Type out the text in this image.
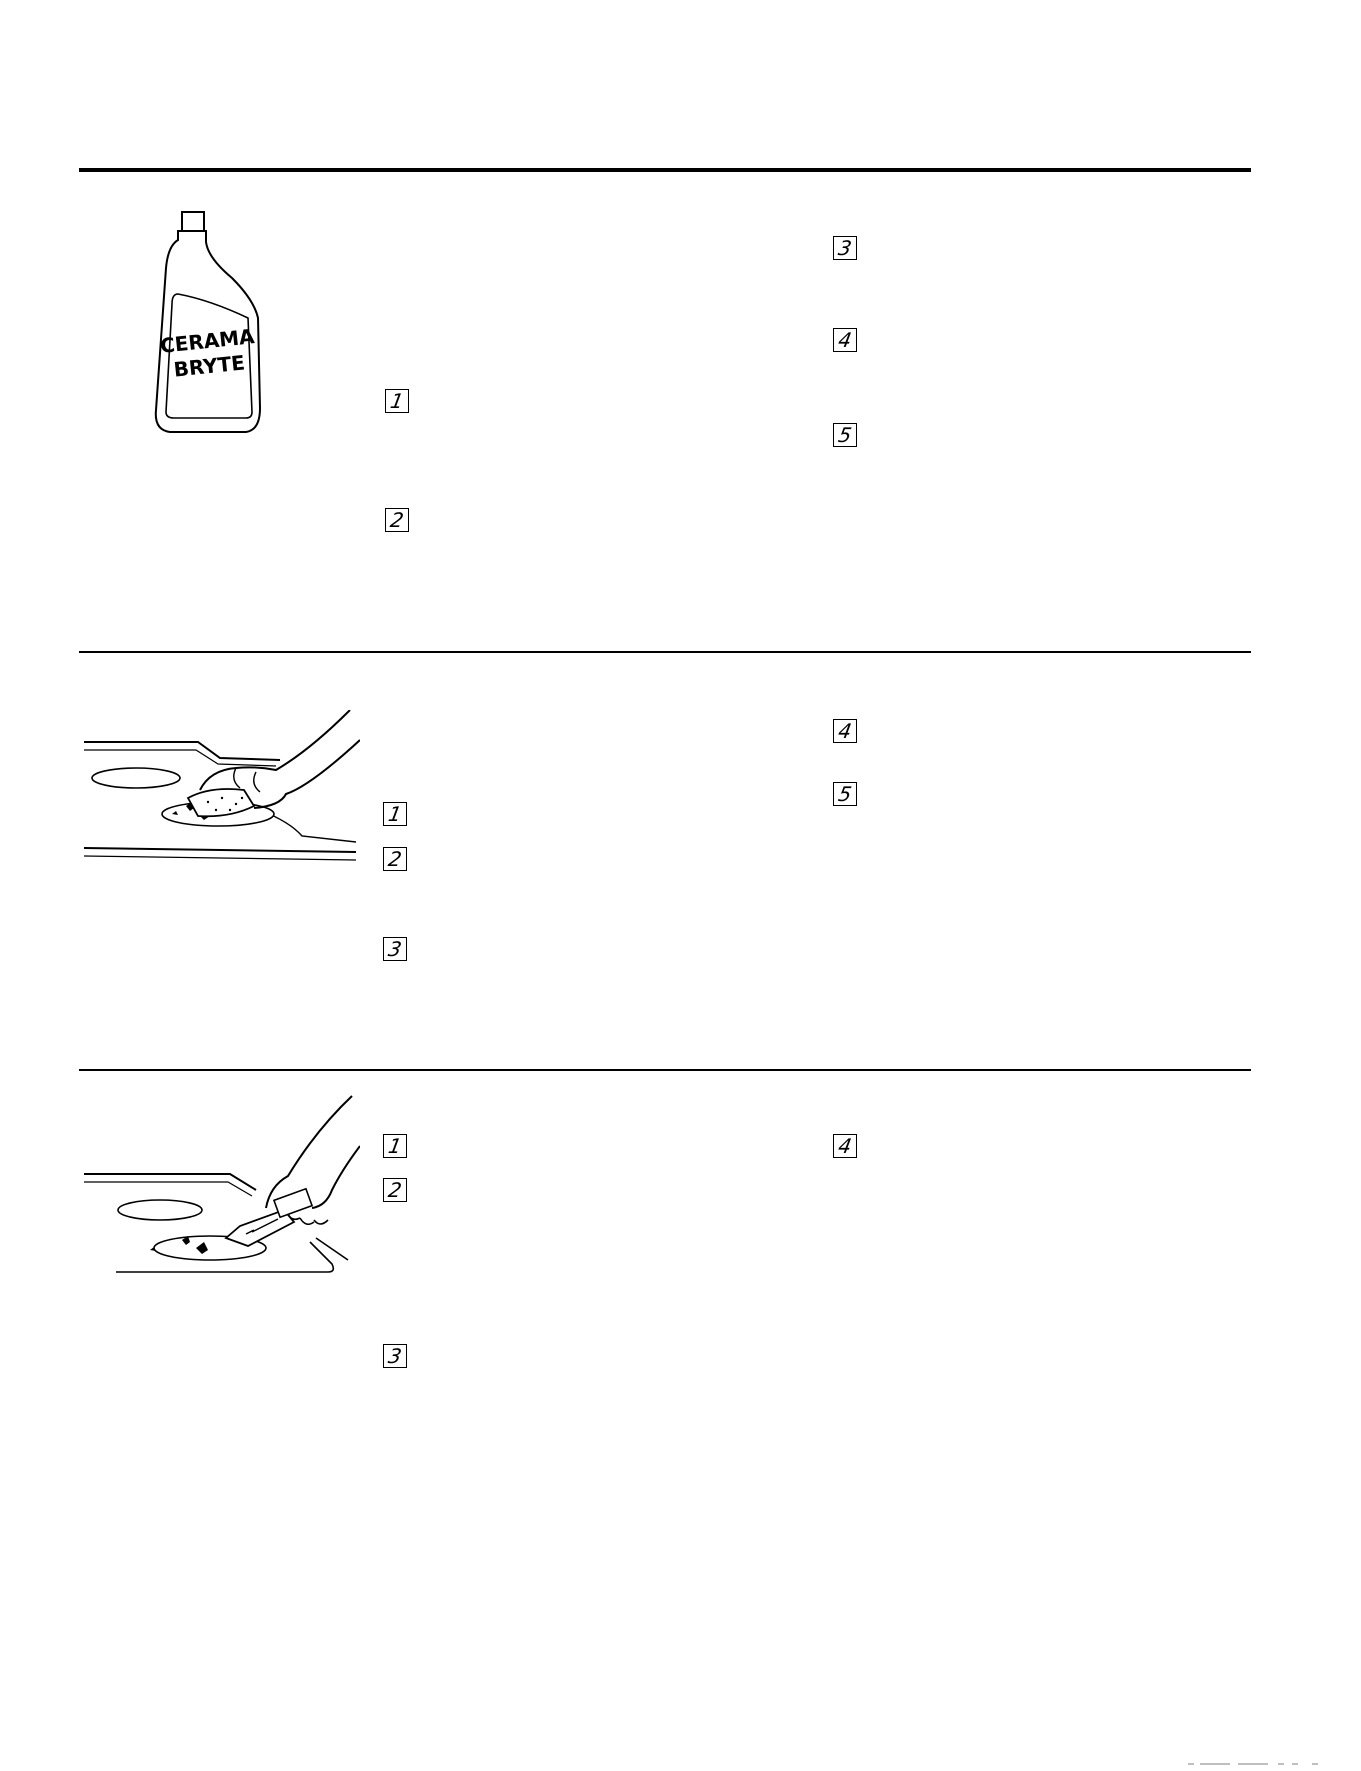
CERAMA
BRYTE
1
2
3
4
5
1
2
3
4
5
1
2
3
4
